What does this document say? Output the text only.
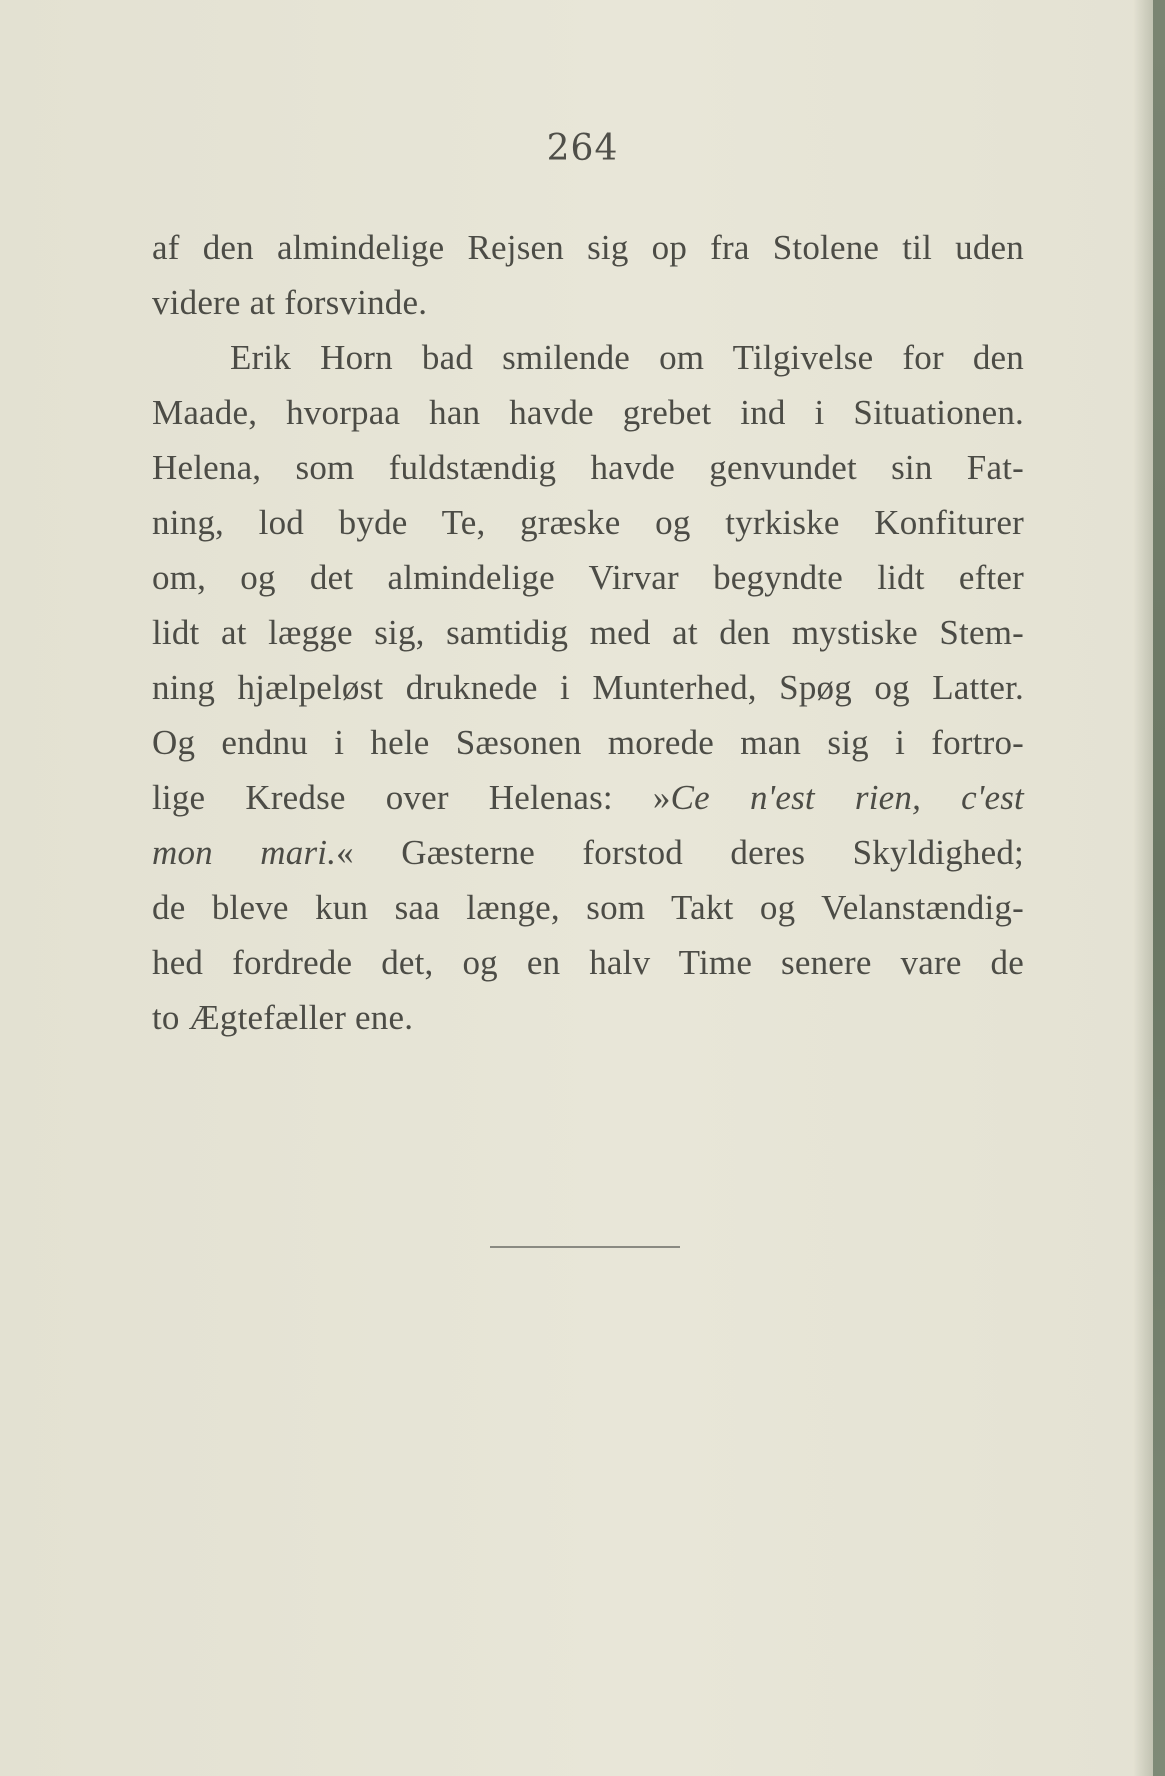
264
af den almindelige Rejsen sig op fra Stolene til uden
videre at forsvinde.
Erik Horn bad smilende om Tilgivelse for den
Maade, hvorpaa han havde grebet ind i Situationen.
Helena, som fuldstændig havde genvundet sin Fat-
ning, lod byde Te, græske og tyrkiske Konfiturer
om, og det almindelige Virvar begyndte lidt efter
lidt at lægge sig, samtidig med at den mystiske Stem-
ning hjælpeløst druknede i Munterhed, Spøg og Latter.
Og endnu i hele Sæsonen morede man sig i fortro-
lige Kredse over Helenas: »Ce n'est rien, c'est
mon mari.« Gæsterne forstod deres Skyldighed;
de bleve kun saa længe, som Takt og Velanstændig-
hed fordrede det, og en halv Time senere vare de
to Ægtefæller ene.
